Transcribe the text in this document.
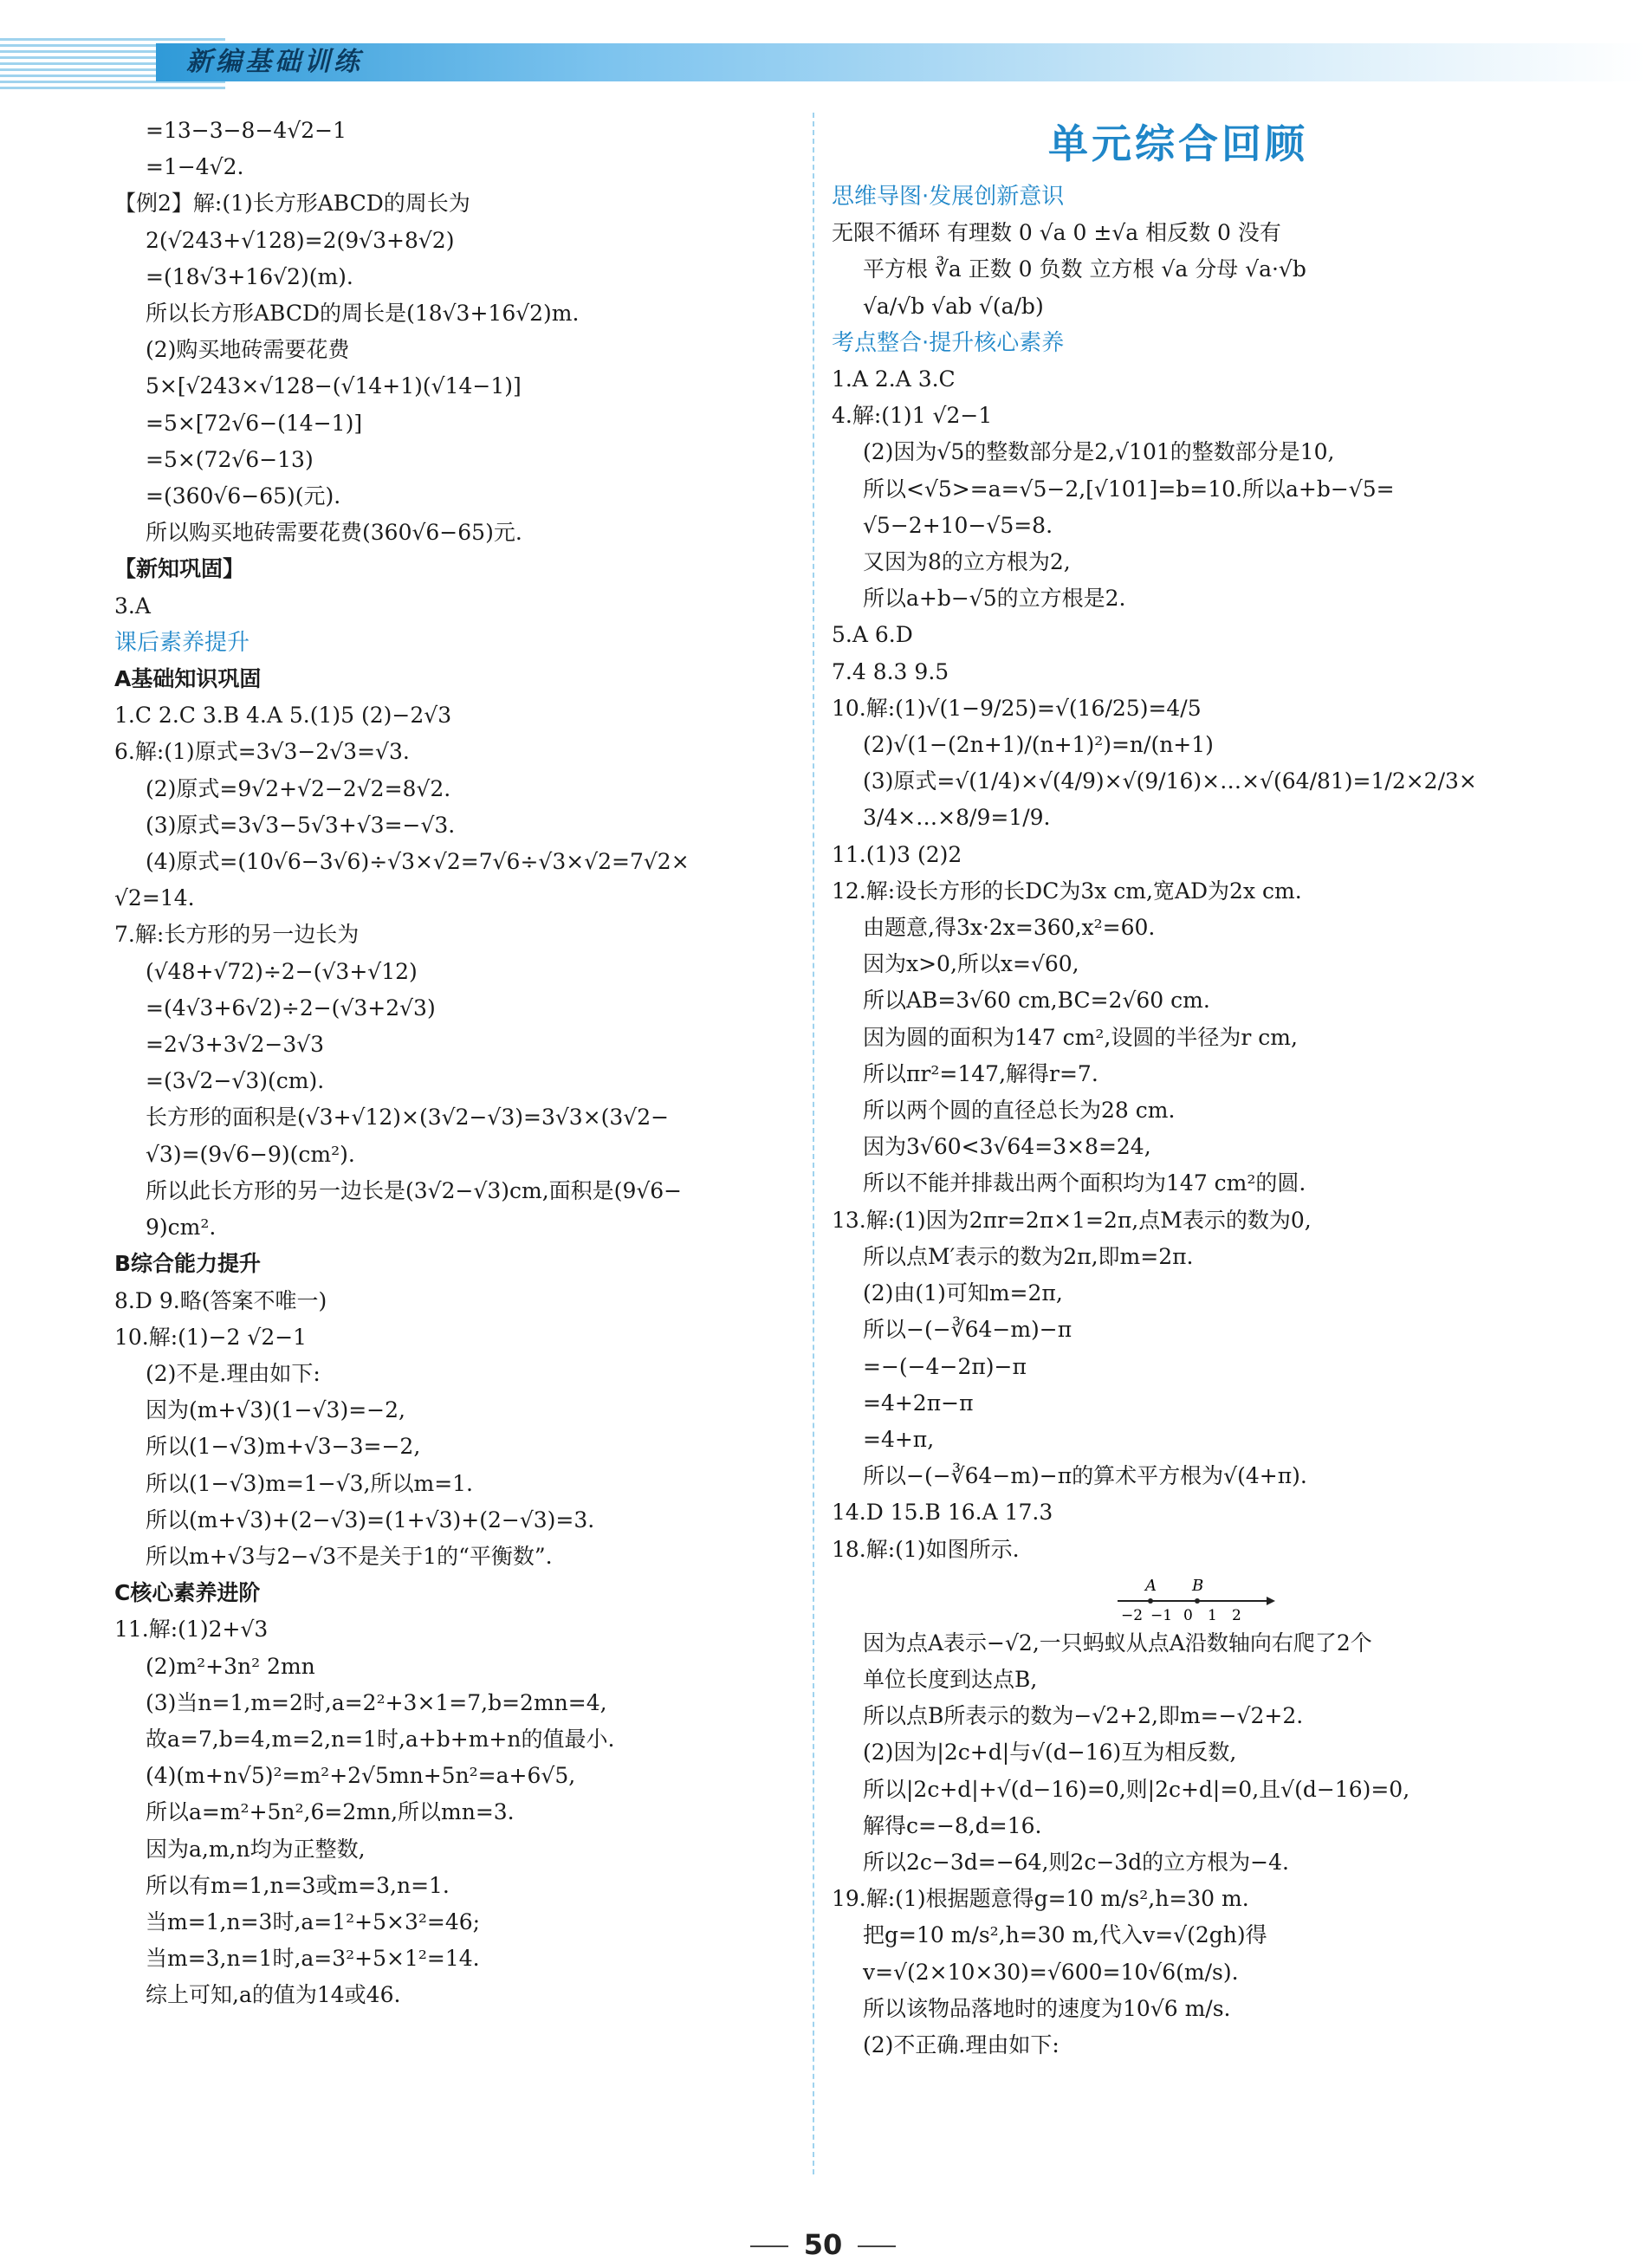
新编基础训练
=13−3−8−4√2−1
=1−4√2.
【例2】解:(1)长方形ABCD的周长为
2(√243+√128)=2(9√3+8√2)
=(18√3+16√2)(m).
所以长方形ABCD的周长是(18√3+16√2)m.
(2)购买地砖需要花费
5×[√243×√128−(√14+1)(√14−1)]
=5×[72√6−(14−1)]
=5×(72√6−13)
=(360√6−65)(元).
所以购买地砖需要花费(360√6−65)元.
【新知巩固】
3.A
课后素养提升
A基础知识巩固
1.C 2.C 3.B 4.A 5.(1)5 (2)−2√3
6.解:(1)原式=3√3−2√3=√3.
(2)原式=9√2+√2−2√2=8√2.
(3)原式=3√3−5√3+√3=−√3.
(4)原式=(10√6−3√6)÷√3×√2=7√6÷√3×√2=7√2×
√2=14.
7.解:长方形的另一边长为
(√48+√72)÷2−(√3+√12)
=(4√3+6√2)÷2−(√3+2√3)
=2√3+3√2−3√3
=(3√2−√3)(cm).
长方形的面积是(√3+√12)×(3√2−√3)=3√3×(3√2−
√3)=(9√6−9)(cm²).
所以此长方形的另一边长是(3√2−√3)cm,面积是(9√6−
9)cm².
B综合能力提升
8.D 9.略(答案不唯一)
10.解:(1)−2 √2−1
(2)不是.理由如下:
因为(m+√3)(1−√3)=−2,
所以(1−√3)m+√3−3=−2,
所以(1−√3)m=1−√3,所以m=1.
所以(m+√3)+(2−√3)=(1+√3)+(2−√3)=3.
所以m+√3与2−√3不是关于1的“平衡数”.
C核心素养进阶
11.解:(1)2+√3
(2)m²+3n² 2mn
(3)当n=1,m=2时,a=2²+3×1=7,b=2mn=4,
故a=7,b=4,m=2,n=1时,a+b+m+n的值最小.
(4)(m+n√5)²=m²+2√5mn+5n²=a+6√5,
所以a=m²+5n²,6=2mn,所以mn=3.
因为a,m,n均为正整数,
所以有m=1,n=3或m=3,n=1.
当m=1,n=3时,a=1²+5×3²=46;
当m=3,n=1时,a=3²+5×1²=14.
综上可知,a的值为14或46.
单元综合回顾
思维导图·发展创新意识
无限不循环 有理数 0 √a 0 ±√a 相反数 0 没有
平方根 ∛a 正数 0 负数 立方根 √a 分母 √a·√b
√a/√b √ab √(a/b)
考点整合·提升核心素养
1.A 2.A 3.C
4.解:(1)1 √2−1
(2)因为√5的整数部分是2,√101的整数部分是10,
所以<√5>=a=√5−2,[√101]=b=10.所以a+b−√5=
√5−2+10−√5=8.
又因为8的立方根为2,
所以a+b−√5的立方根是2.
5.A 6.D
7.4 8.3 9.5
10.解:(1)√(1−9/25)=√(16/25)=4/5
(2)√(1−(2n+1)/(n+1)²)=n/(n+1)
(3)原式=√(1/4)×√(4/9)×√(9/16)×…×√(64/81)=1/2×2/3×
3/4×…×8/9=1/9.
11.(1)3 (2)2
12.解:设长方形的长DC为3x cm,宽AD为2x cm.
由题意,得3x·2x=360,x²=60.
因为x>0,所以x=√60,
所以AB=3√60 cm,BC=2√60 cm.
因为圆的面积为147 cm²,设圆的半径为r cm,
所以πr²=147,解得r=7.
所以两个圆的直径总长为28 cm.
因为3√60<3√64=3×8=24,
所以不能并排裁出两个面积均为147 cm²的圆.
13.解:(1)因为2πr=2π×1=2π,点M表示的数为0,
所以点M′表示的数为2π,即m=2π.
(2)由(1)可知m=2π,
所以−(−∛64−m)−π
=−(−4−2π)−π
=4+2π−π
=4+π,
所以−(−∛64−m)−π的算术平方根为√(4+π).
14.D 15.B 16.A 17.3
18.解:(1)如图所示.
A B
−2 −1 0 1 2
因为点A表示−√2,一只蚂蚁从点A沿数轴向右爬了2个
单位长度到达点B,
所以点B所表示的数为−√2+2,即m=−√2+2.
(2)因为|2c+d|与√(d−16)互为相反数,
所以|2c+d|+√(d−16)=0,则|2c+d|=0,且√(d−16)=0,
解得c=−8,d=16.
所以2c−3d=−64,则2c−3d的立方根为−4.
19.解:(1)根据题意得g=10 m/s²,h=30 m.
把g=10 m/s²,h=30 m,代入v=√(2gh)得
v=√(2×10×30)=√600=10√6(m/s).
所以该物品落地时的速度为10√6 m/s.
(2)不正确.理由如下:
50
